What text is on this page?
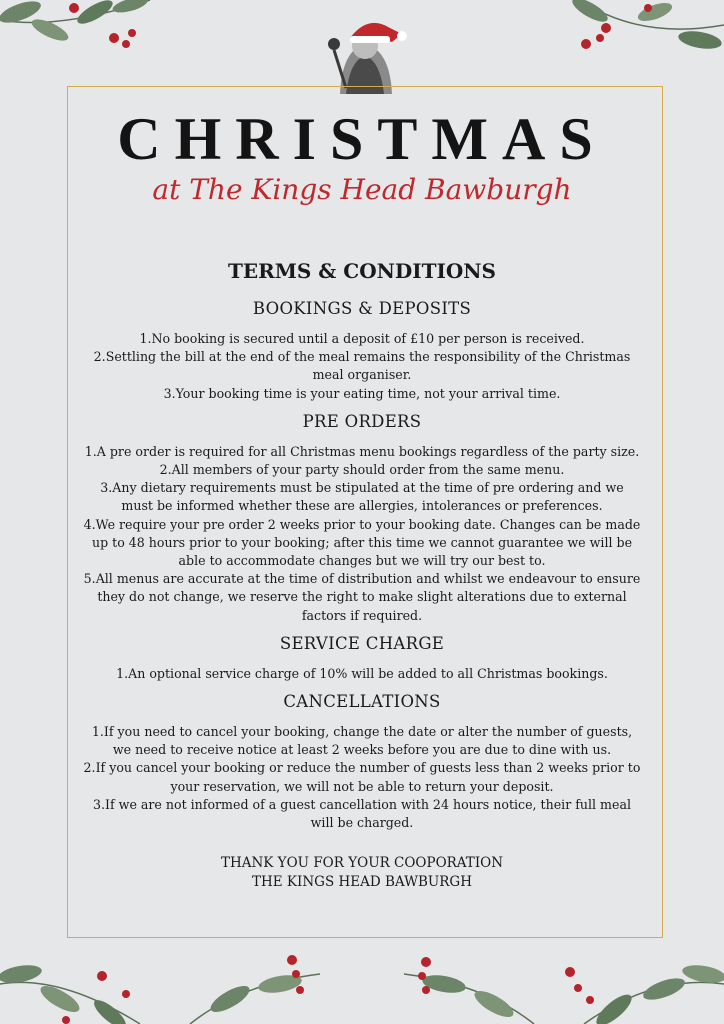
CHRISTMAS
at The Kings Head Bawburgh
TERMS & CONDITIONS
BOOKINGS & DEPOSITS

1.No booking is secured until a deposit of £10 per person is received.

2.Settling the bill at the end of the meal remains the responsibility of the Christmas

meal organiser.

3.Your booking time is your eating time, not your arrival time.

PRE ORDERS

1.A pre order is required for all Christmas menu bookings regardless of the party size.

2.All members of your party should order from the same menu.

3.Any dietary requirements must be stipulated at the time of pre ordering and we

must be informed whether these are allergies, intolerances or preferences.

4.We require your pre order 2 weeks prior to your booking date. Changes can be made

up to 48 hours prior to your booking; after this time we cannot guarantee we will be

able to accommodate changes but we will try our best to.

5.All menus are accurate at the time of distribution and whilst we endeavour to ensure

they do not change, we reserve the right to make slight alterations due to external

factors if required.

SERVICE CHARGE

1.An optional service charge of 10% will be added to all Christmas bookings.

CANCELLATIONS

1.If you need to cancel your booking, change the date or alter the number of guests,

we need to receive notice at least 2 weeks before you are due to dine with us.

2.If you cancel your booking or reduce the number of guests less than 2 weeks prior to

your reservation, we will not be able to return your deposit.

3.If we are not informed of a guest cancellation with 24 hours notice, their full meal

will be charged.

THANK YOU FOR YOUR COOPORATION

THE KINGS HEAD BAWBURGH
